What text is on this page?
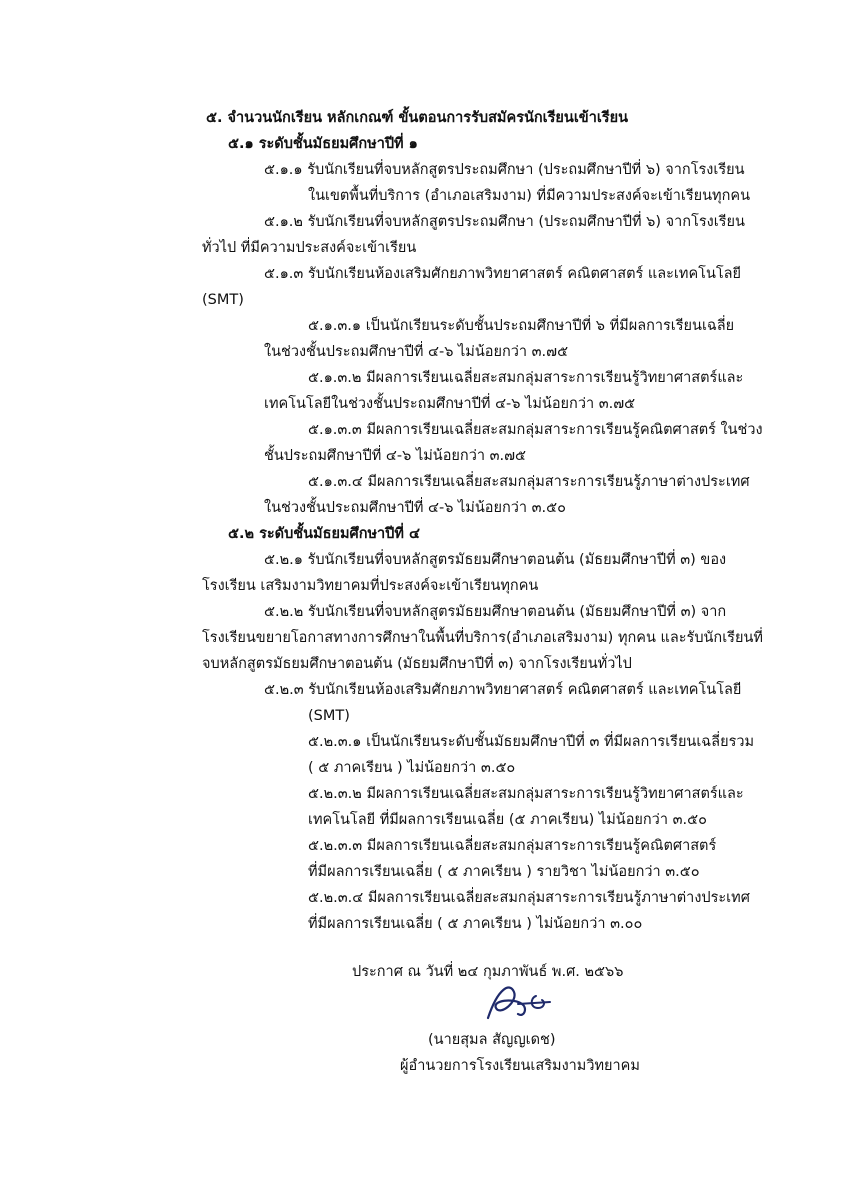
๕. จำนวนนักเรียน หลักเกณฑ์ ขั้นตอนการรับสมัครนักเรียนเข้าเรียน
๕.๑ ระดับชั้นมัธยมศึกษาปีที่ ๑
๕.๑.๑ รับนักเรียนที่จบหลักสูตรประถมศึกษา (ประถมศึกษาปีที่ ๖) จากโรงเรียน
ในเขตพื้นที่บริการ (อำเภอเสริมงาม) ที่มีความประสงค์จะเข้าเรียนทุกคน
๕.๑.๒ รับนักเรียนที่จบหลักสูตรประถมศึกษา (ประถมศึกษาปีที่ ๖) จากโรงเรียน
ทั่วไป ที่มีความประสงค์จะเข้าเรียน
๕.๑.๓ รับนักเรียนห้องเสริมศักยภาพวิทยาศาสตร์ คณิตศาสตร์ และเทคโนโลยี
(SMT)
๕.๑.๓.๑ เป็นนักเรียนระดับชั้นประถมศึกษาปีที่ ๖ ที่มีผลการเรียนเฉลี่ย
ในช่วงชั้นประถมศึกษาปีที่ ๔-๖ ไม่น้อยกว่า ๓.๗๕
๕.๑.๓.๒ มีผลการเรียนเฉลี่ยสะสมกลุ่มสาระการเรียนรู้วิทยาศาสตร์และ
เทคโนโลยีในช่วงชั้นประถมศึกษาปีที่ ๔-๖ ไม่น้อยกว่า ๓.๗๕
๕.๑.๓.๓ มีผลการเรียนเฉลี่ยสะสมกลุ่มสาระการเรียนรู้คณิตศาสตร์ ในช่วง
ชั้นประถมศึกษาปีที่ ๔-๖ ไม่น้อยกว่า ๓.๗๕
๕.๑.๓.๔ มีผลการเรียนเฉลี่ยสะสมกลุ่มสาระการเรียนรู้ภาษาต่างประเทศ
ในช่วงชั้นประถมศึกษาปีที่ ๔-๖ ไม่น้อยกว่า ๓.๕๐
๕.๒ ระดับชั้นมัธยมศึกษาปีที่ ๔
๕.๒.๑ รับนักเรียนที่จบหลักสูตรมัธยมศึกษาตอนต้น (มัธยมศึกษาปีที่ ๓) ของ
โรงเรียน เสริมงามวิทยาคมที่ประสงค์จะเข้าเรียนทุกคน
๕.๒.๒ รับนักเรียนที่จบหลักสูตรมัธยมศึกษาตอนต้น (มัธยมศึกษาปีที่ ๓) จาก
โรงเรียนขยายโอกาสทางการศึกษาในพื้นที่บริการ(อำเภอเสริมงาม) ทุกคน และรับนักเรียนที่
จบหลักสูตรมัธยมศึกษาตอนต้น (มัธยมศึกษาปีที่ ๓) จากโรงเรียนทั่วไป
๕.๒.๓ รับนักเรียนห้องเสริมศักยภาพวิทยาศาสตร์ คณิตศาสตร์ และเทคโนโลยี
(SMT)
๕.๒.๓.๑ เป็นนักเรียนระดับชั้นมัธยมศึกษาปีที่ ๓ ที่มีผลการเรียนเฉลี่ยรวม
( ๕ ภาคเรียน ) ไม่น้อยกว่า ๓.๕๐
๕.๒.๓.๒ มีผลการเรียนเฉลี่ยสะสมกลุ่มสาระการเรียนรู้วิทยาศาสตร์และ
เทคโนโลยี ที่มีผลการเรียนเฉลี่ย (๕ ภาคเรียน) ไม่น้อยกว่า ๓.๕๐
๕.๒.๓.๓ มีผลการเรียนเฉลี่ยสะสมกลุ่มสาระการเรียนรู้คณิตศาสตร์
ที่มีผลการเรียนเฉลี่ย ( ๕ ภาคเรียน ) รายวิชา ไม่น้อยกว่า ๓.๕๐
๕.๒.๓.๔ มีผลการเรียนเฉลี่ยสะสมกลุ่มสาระการเรียนรู้ภาษาต่างประเทศ
ที่มีผลการเรียนเฉลี่ย ( ๕ ภาคเรียน ) ไม่น้อยกว่า ๓.๐๐
ประกาศ ณ วันที่ ๒๔ กุมภาพันธ์ พ.ศ. ๒๕๖๖
(นายสุมล สัญญเดช)
ผู้อำนวยการโรงเรียนเสริมงามวิทยาคม
